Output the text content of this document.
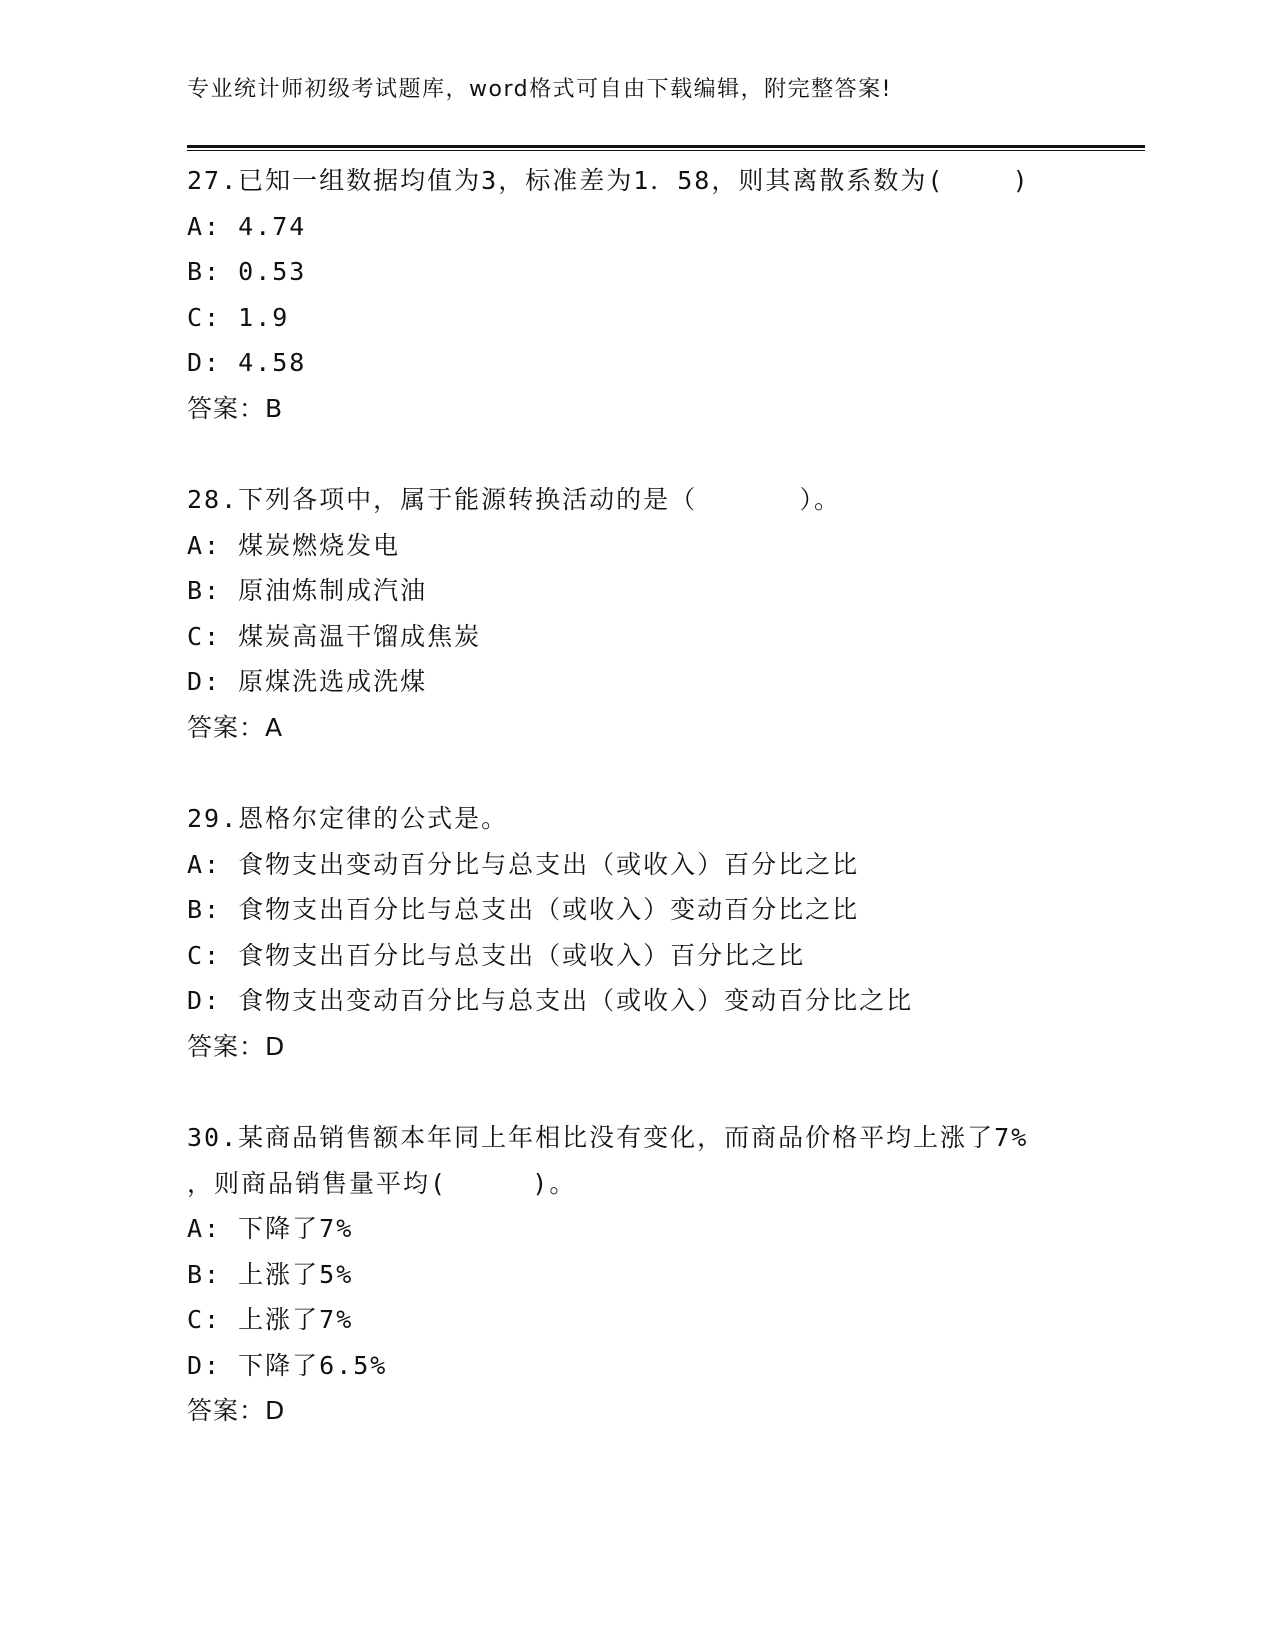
专业统计师初级考试题库，word格式可自由下载编辑，附完整答案!
27.已知一组数据均值为3，标准差为1．58，则其离散系数为(    )
A: 4.74
B: 0.53
C: 1.9
D: 4.58
答案：B
28.下列各项中，属于能源转换活动的是（      ）。
A: 煤炭燃烧发电
B: 原油炼制成汽油
C: 煤炭高温干馏成焦炭
D: 原煤洗选成洗煤
答案：A
29.恩格尔定律的公式是。
A: 食物支出变动百分比与总支出（或收入）百分比之比
B: 食物支出百分比与总支出（或收入）变动百分比之比
C: 食物支出百分比与总支出（或收入）百分比之比
D: 食物支出变动百分比与总支出（或收入）变动百分比之比
答案：D
30.某商品销售额本年同上年相比没有变化，而商品价格平均上涨了7%
，则商品销售量平均(     )。
A: 下降了7%
B: 上涨了5%
C: 上涨了7%
D: 下降了6.5%
答案：D
